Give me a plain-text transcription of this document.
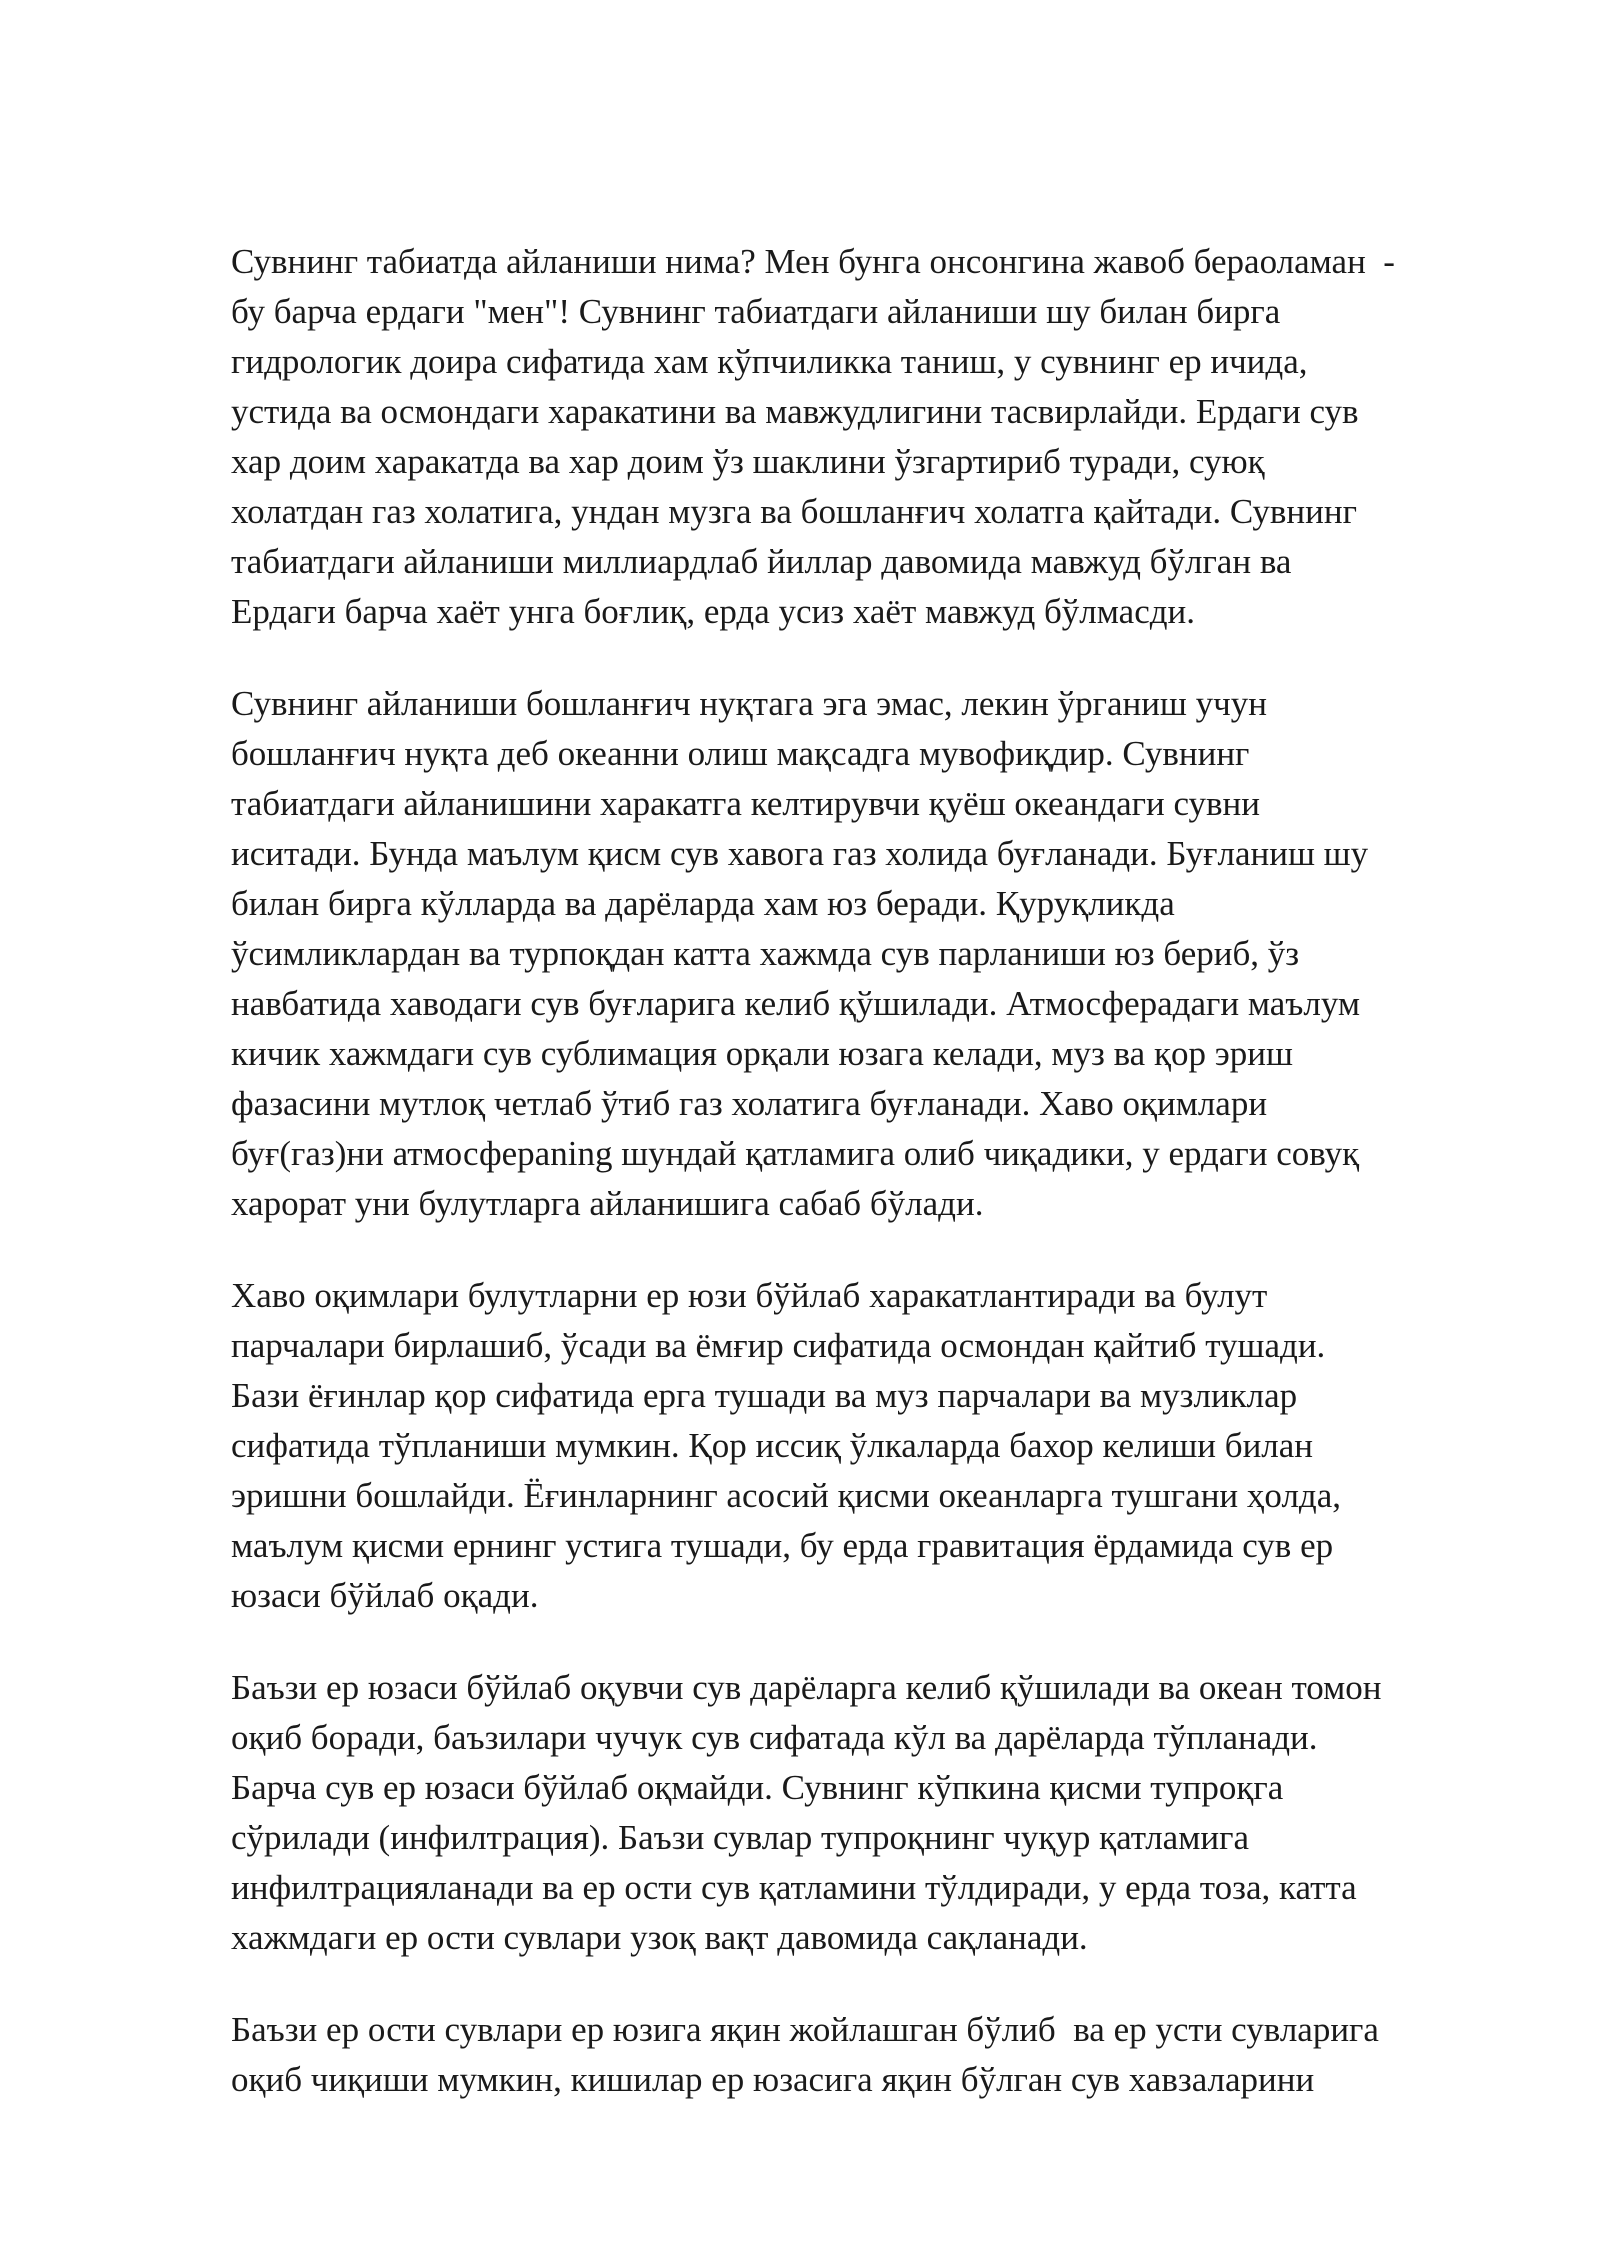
Сувнинг табиатда айланиши нима? Мен бунга онсонгина жавоб бераоламан  -
бу барча ердаги "мен"! Сувнинг табиатдаги айланиши шу билан бирга
гидрологик доира сифатида хам кўпчиликка таниш, у сувнинг ер ичида,
устида ва осмондаги харакатини ва мавжудлигини тасвирлайди. Ердаги сув
хар доим харакатда ва хар доим ўз шаклини ўзгартириб туради, суюқ
холатдан газ холатига, ундан музга ва бошланғич холатга қайтади. Сувнинг
табиатдаги айланиши миллиардлаб йиллар давомида мавжуд бўлган ва
Ердаги барча хаёт унга боғлиқ, ерда усиз хаёт мавжуд бўлмасди.

Сувнинг айланиши бошланғич нуқтага эга эмас, лекин ўрганиш учун
бошланғич нуқта деб океанни олиш мақсадга мувофиқдир. Сувнинг
табиатдаги айланишини харакатга келтирувчи қуёш океандаги сувни
иситади. Бунда маълум қисм сув хавога газ холида буғланади. Буғланиш шу
билан бирга кўлларда ва дарёларда хам юз беради. Қуруқликда
ўсимликлардан ва турпоқдан катта хажмда сув парланиши юз бериб, ўз
навбатида хаводаги сув буғларига келиб қўшилади. Атмосферадаги маълум
кичик хажмдаги сув сублимация орқали юзага келади, муз ва қор эриш
фазасини мутлоқ четлаб ўтиб газ холатига буғланади. Хаво оқимлари
буғ(газ)ни атмосфераning шундай қатламига олиб чиқадики, у ердаги совуқ
харорат уни булутларга айланишига сабаб бўлади.

Хаво оқимлари булутларни ер юзи бўйлаб харакатлантиради ва булут
парчалари бирлашиб, ўсади ва ёмғир сифатида осмондан қайтиб тушади.
Бази ёғинлар қор сифатида ерга тушади ва муз парчалари ва музликлар
сифатида тўпланиши мумкин. Қор иссиқ ўлкаларда бахор келиши билан
эришни бошлайди. Ёғинларнинг асосий қисми океанларга тушгани ҳолда,
маълум қисми ернинг устига тушади, бу ерда гравитация ёрдамида сув ер
юзаси бўйлаб оқади.

Баъзи ер юзаси бўйлаб оқувчи сув дарёларга келиб қўшилади ва океан томон
оқиб боради, баъзилари чучук сув сифатада кўл ва дарёларда тўпланади.
Барча сув ер юзаси бўйлаб оқмайди. Сувнинг кўпкина қисми тупроқга
сўрилади (инфилтрация). Баъзи сувлар тупроқнинг чуқур қатламига
инфилтрацияланади ва ер ости сув қатламини тўлдиради, у ерда тоза, катта
хажмдаги ер ости сувлари узоқ вақт давомида сақланади.

Баъзи ер ости сувлари ер юзига яқин жойлашган бўлиб  ва ер усти сувларига
оқиб чиқиши мумкин, кишилар ер юзасига яқин бўлган сув хавзаларини
